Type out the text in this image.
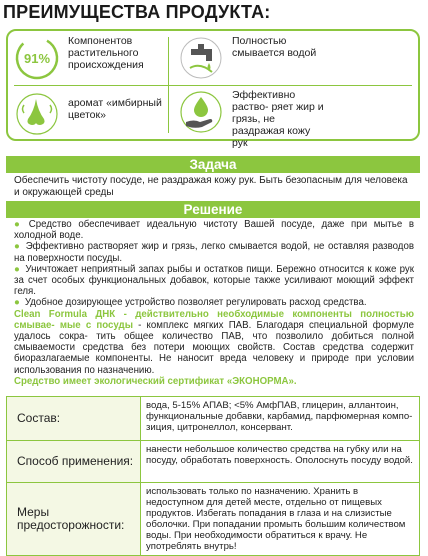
ПРЕИМУЩЕСТВА ПРОДУКТА:
91%
Компонентов растительного происхождения
Полностью смывается водой
аромат «имбирный цветок»
Эффективно раство- ряет жир и грязь, не раздражая кожу рук
Задача
Обеспечить чистоту посуде, не раздражая кожу рук. Быть безопасным для человека и окружающей среды
Решение

● Средство обеспечивает идеальную чистоту Вашей посуде, даже при мытье в холодной воде.

● Эффективно растворяет жир и грязь, легко смывается водой, не оставляя разводов на поверхности посуды.

● Уничтожает неприятный запах рыбы и остатков пищи. Бережно относится к коже рук за счет особых функциональных добавок, которые также усиливают моющий эффект геля.

● Удобное дозирующее устройство позволяет регулировать расход средства.

Clean Formula ДНК - действительно необходимые компоненты полностью смывае- мые с посуды - комплекс мягких ПАВ. Благодаря специальной формуле удалось сокра- тить общее количество ПАВ, что позволило добиться полной смываемости средства без потери моющих свойств. Состав средства содержит биоразлагаемые компоненты. Не наносит вреда человеку и природе при условии использования по назначению.

Средство имеет экологический сертификат «ЭКОНОРМА».

Состав:	вода, 5-15% АПАВ; <5% АмфПАВ, глицерин, аллантоин, функциональные добавки, карбамид, парфюмерная компо- зиция, цитронеллол, консервант.
Способ применения:	нанести небольшое количество средства на губку или на посуду, обработать поверхность. Ополоснуть посуду водой.
Меры предосторожности:	использовать только по назначению. Хранить в недоступном для детей месте, отдельно от пищевых продуктов. Избегать попадания в глаза и на слизистые оболочки. При попадании промыть большим количеством воды. При необходимости обратиться к врачу. Не употреблять внутрь!
